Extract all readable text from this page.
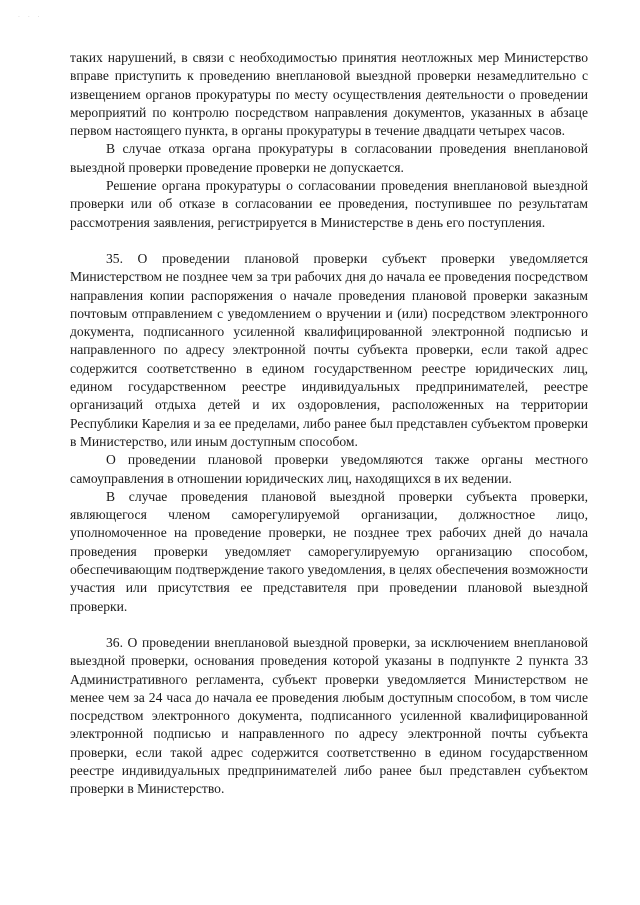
· · ·

таких нарушений, в связи с необходимостью принятия неотложных мер Министерство вправе приступить к проведению внеплановой выездной проверки незамедлительно с извещением органов прокуратуры по месту осуществления деятельности о проведении мероприятий по контролю посредством направления документов, указанных в абзаце первом настоящего пункта, в органы прокуратуры в течение двадцати четырех часов.

В случае отказа органа прокуратуры в согласовании проведения внеплановой выездной проверки проведение проверки не допускается.

Решение органа прокуратуры о согласовании проведения внеплановой выездной проверки или об отказе в согласовании ее проведения, поступившее по результатам рассмотрения заявления, регистрируется в Министерстве в день его поступления.

35. О проведении плановой проверки субъект проверки уведомляется Министерством не позднее чем за три рабочих дня до начала ее проведения посредством направления копии распоряжения о начале проведения плановой проверки заказным почтовым отправлением с уведомлением о вручении и (или) посредством электронного документа, подписанного усиленной квалифицированной электронной подписью и направленного по адресу электронной почты субъекта проверки, если такой адрес содержится соответственно в едином государственном реестре юридических лиц, едином государственном реестре индивидуальных предпринимателей, реестре организаций отдыха детей и их оздоровления, расположенных на территории Республики Карелия и за ее пределами, либо ранее был представлен субъектом проверки в Министерство, или иным доступным способом.

О проведении плановой проверки уведомляются также органы местного самоуправления в отношении юридических лиц, находящихся в их ведении.

В случае проведения плановой выездной проверки субъекта проверки, являющегося членом саморегулируемой организации, должностное лицо, уполномоченное на проведение проверки, не позднее трех рабочих дней до начала проведения проверки уведомляет саморегулируемую организацию способом, обеспечивающим подтверждение такого уведомления, в целях обеспечения возможности участия или присутствия ее представителя при проведении плановой выездной проверки.

36. О проведении внеплановой выездной проверки, за исключением внеплановой выездной проверки, основания проведения которой указаны в подпункте 2 пункта 33 Административного регламента, субъект проверки уведомляется Министерством не менее чем за 24 часа до начала ее проведения любым доступным способом, в том числе посредством электронного документа, подписанного усиленной квалифицированной электронной подписью и направленного по адресу электронной почты субъекта проверки, если такой адрес содержится соответственно в едином государственном реестре индивидуальных предпринимателей либо ранее был представлен субъектом проверки в Министерство.
